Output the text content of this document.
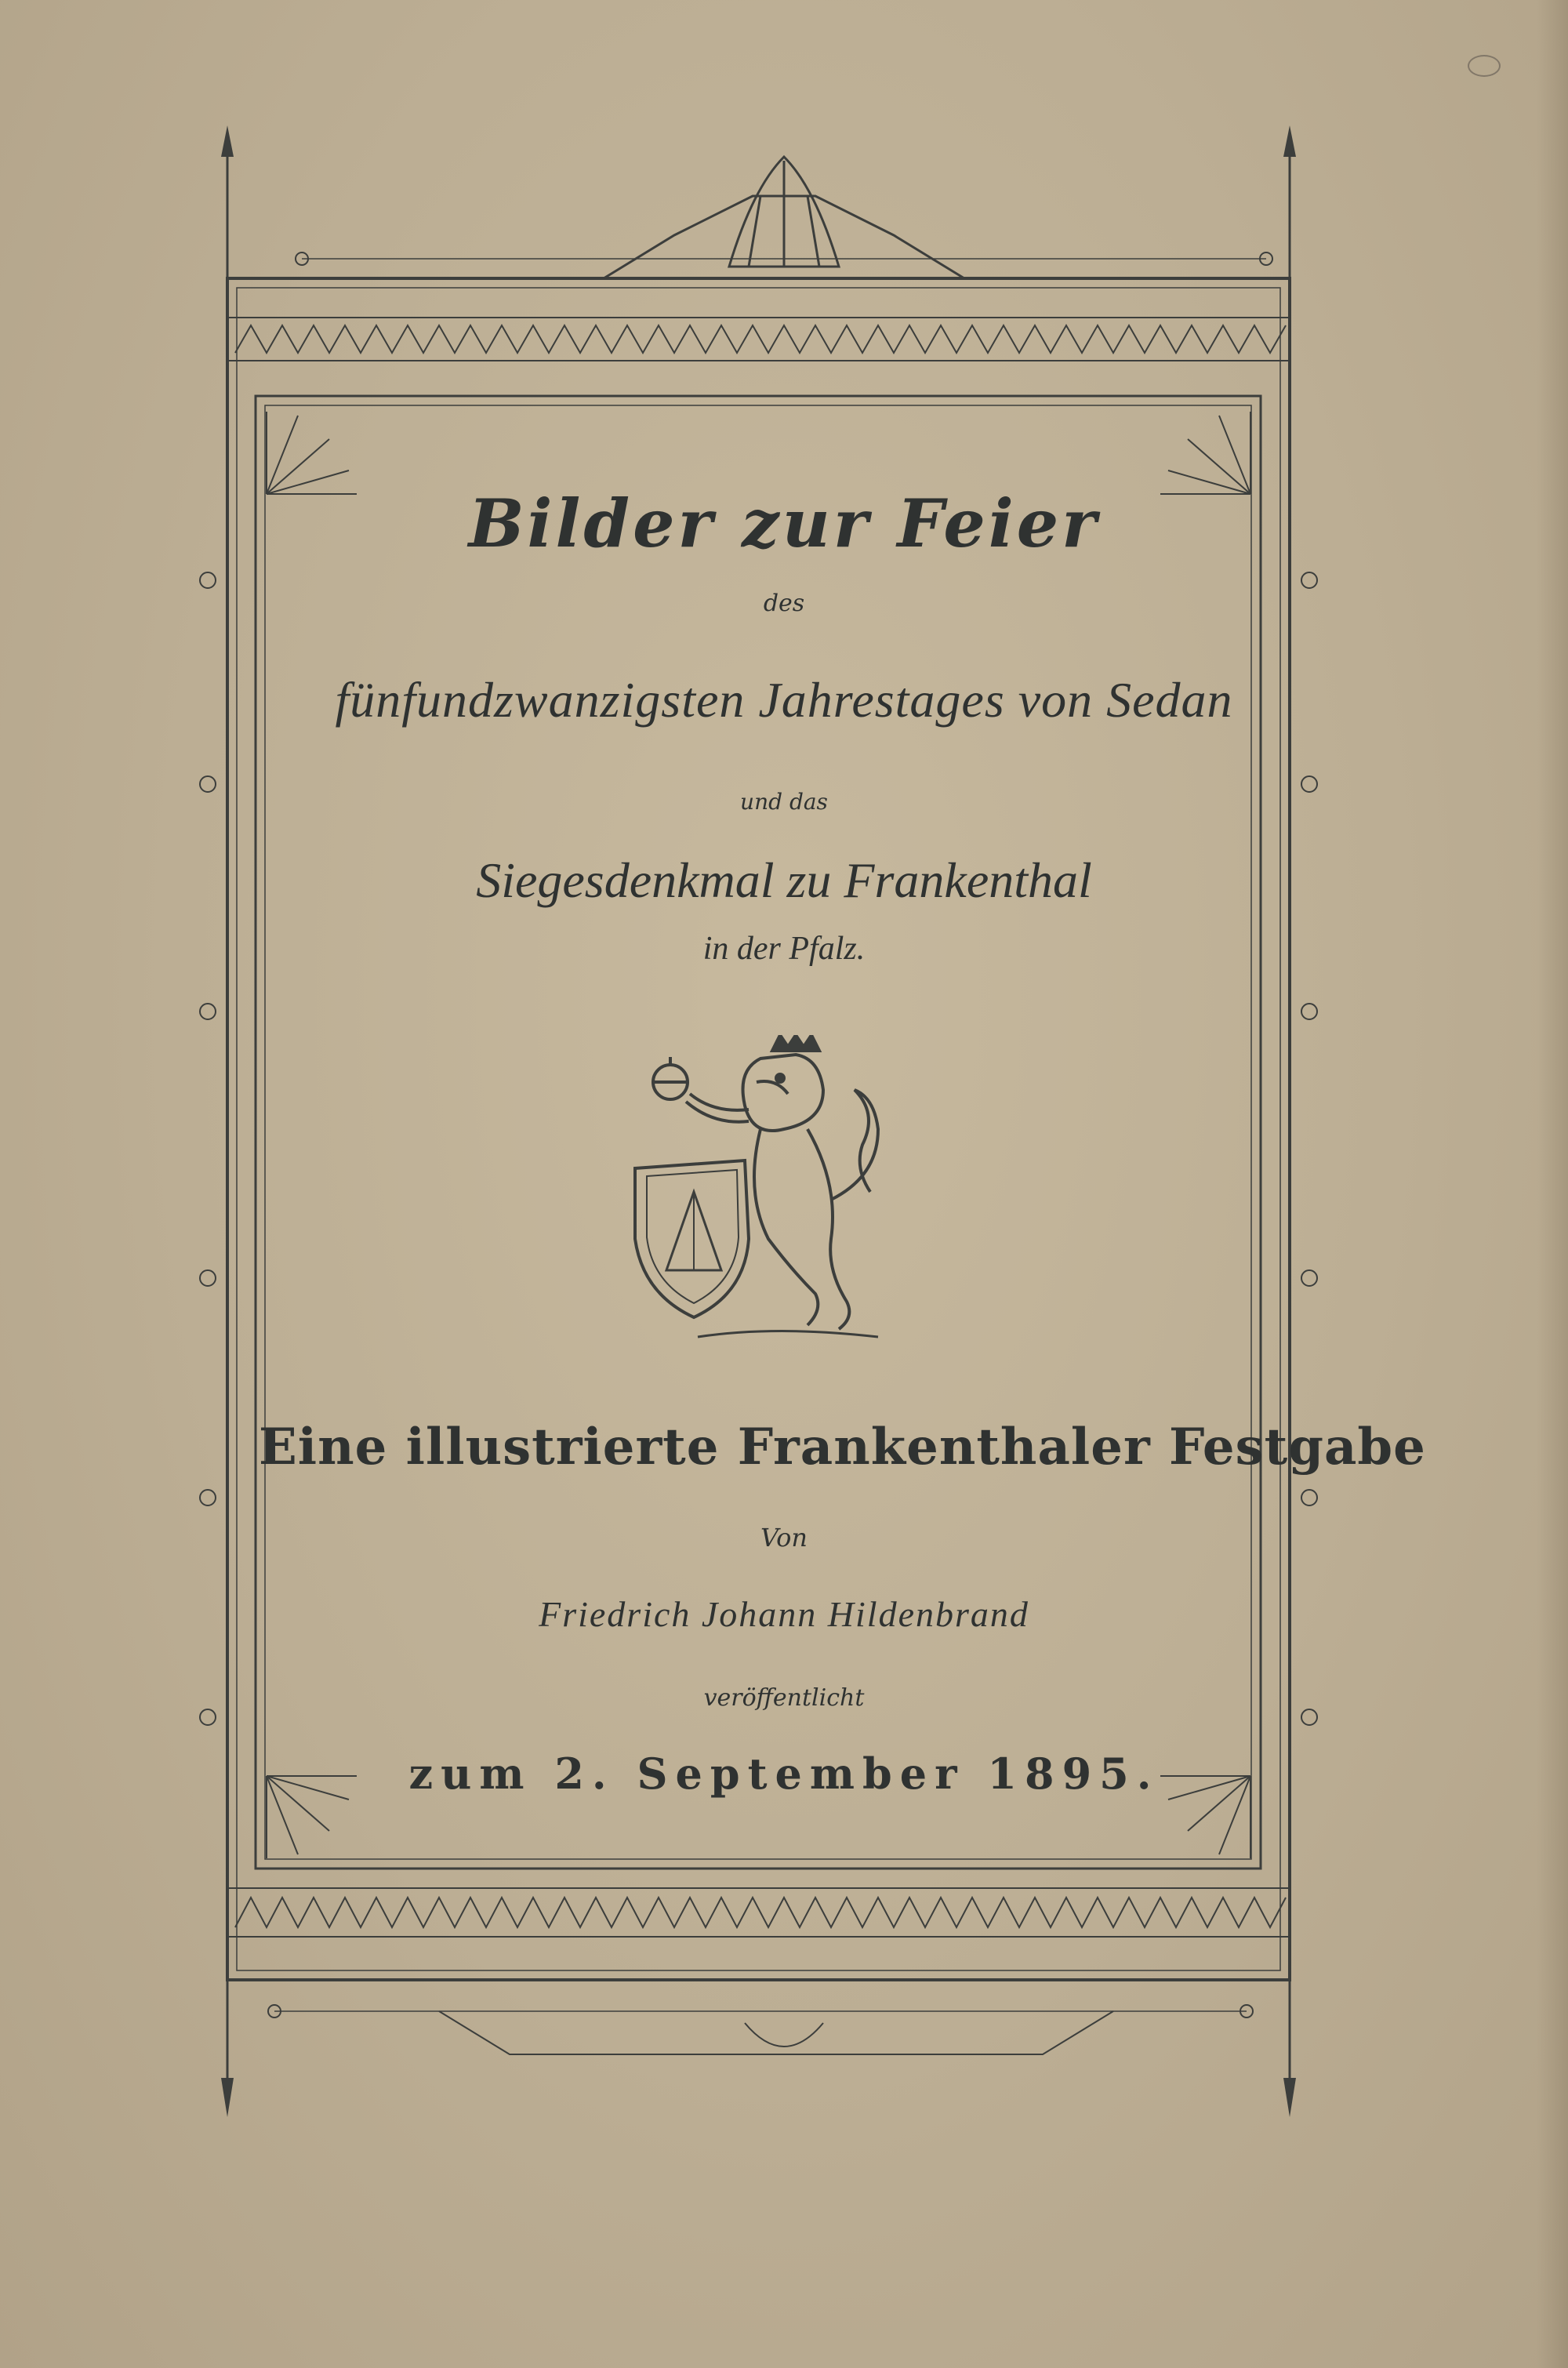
Bilder zur Feier
des
fünfundzwanzigsten Jahrestages von Sedan
und das
Siegesdenkmal zu Frankenthal
in der Pfalz.
Eine illustrierte Frankenthaler Festgabe
Von
Friedrich Johann Hildenbrand
veröffentlicht
zum 2. September 1895.
